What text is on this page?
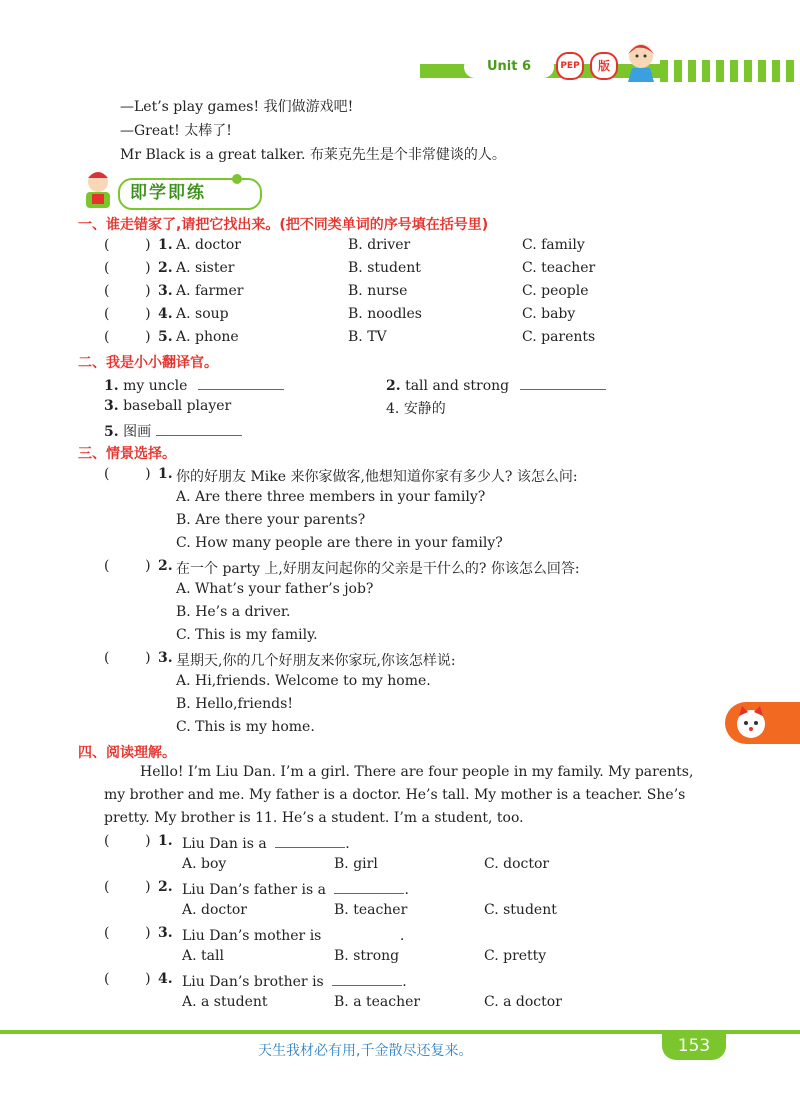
Unit 6	PEP	版
—Let’s play games! 我们做游戏吧!
—Great! 太棒了!
Mr Black is a great talker. 布莱克先生是个非常健谈的人。
即学即练
一、谁走错家了,请把它找出来。(把不同类单词的序号填在括号里)
(        ) 1. A. doctor	B. driver	C. family
(        ) 2. A. sister	B. student	C. teacher
(        ) 3. A. farmer	B. nurse	C. people
(        ) 4. A. soup	B. noodles	C. baby
(        ) 5. A. phone	B. TV	C. parents
二、我是小小翻译官。
1. my uncle	2. tall and strong
3. baseball player	4. 安静的
5. 图画
三、情景选择。
(        ) 1. 你的好朋友 Mike 来你家做客,他想知道你家有多少人? 该怎么问:
A. Are there three members in your family?
B. Are there your parents?
C. How many people are there in your family?
(        ) 2. 在一个 party 上,好朋友问起你的父亲是干什么的? 你该怎么回答:
A. What’s your father’s job?
B. He’s a driver.
C. This is my family.
(        ) 3. 星期天,你的几个好朋友来你家玩,你该怎样说:
A. Hi,friends. Welcome to my home.
B. Hello,friends!
C. This is my home.
四、阅读理解。
Hello! I’m Liu Dan. I’m a girl. There are four people in my family. My parents,
my brother and me. My father is a doctor. He’s tall. My mother is a teacher. She’s
pretty. My brother is 11. He’s a student. I’m a student, too.
(        ) 1. Liu Dan is a	.
A. boy	B. girl	C. doctor
(        ) 2. Liu Dan’s father is a	.
A. doctor	B. teacher	C. student
(        ) 3. Liu Dan’s mother is	.
A. tall	B. strong	C. pretty
(        ) 4. Liu Dan’s brother is	.
A. a student	B. a teacher	C. a doctor
天生我材必有用,千金散尽还复来。	153
